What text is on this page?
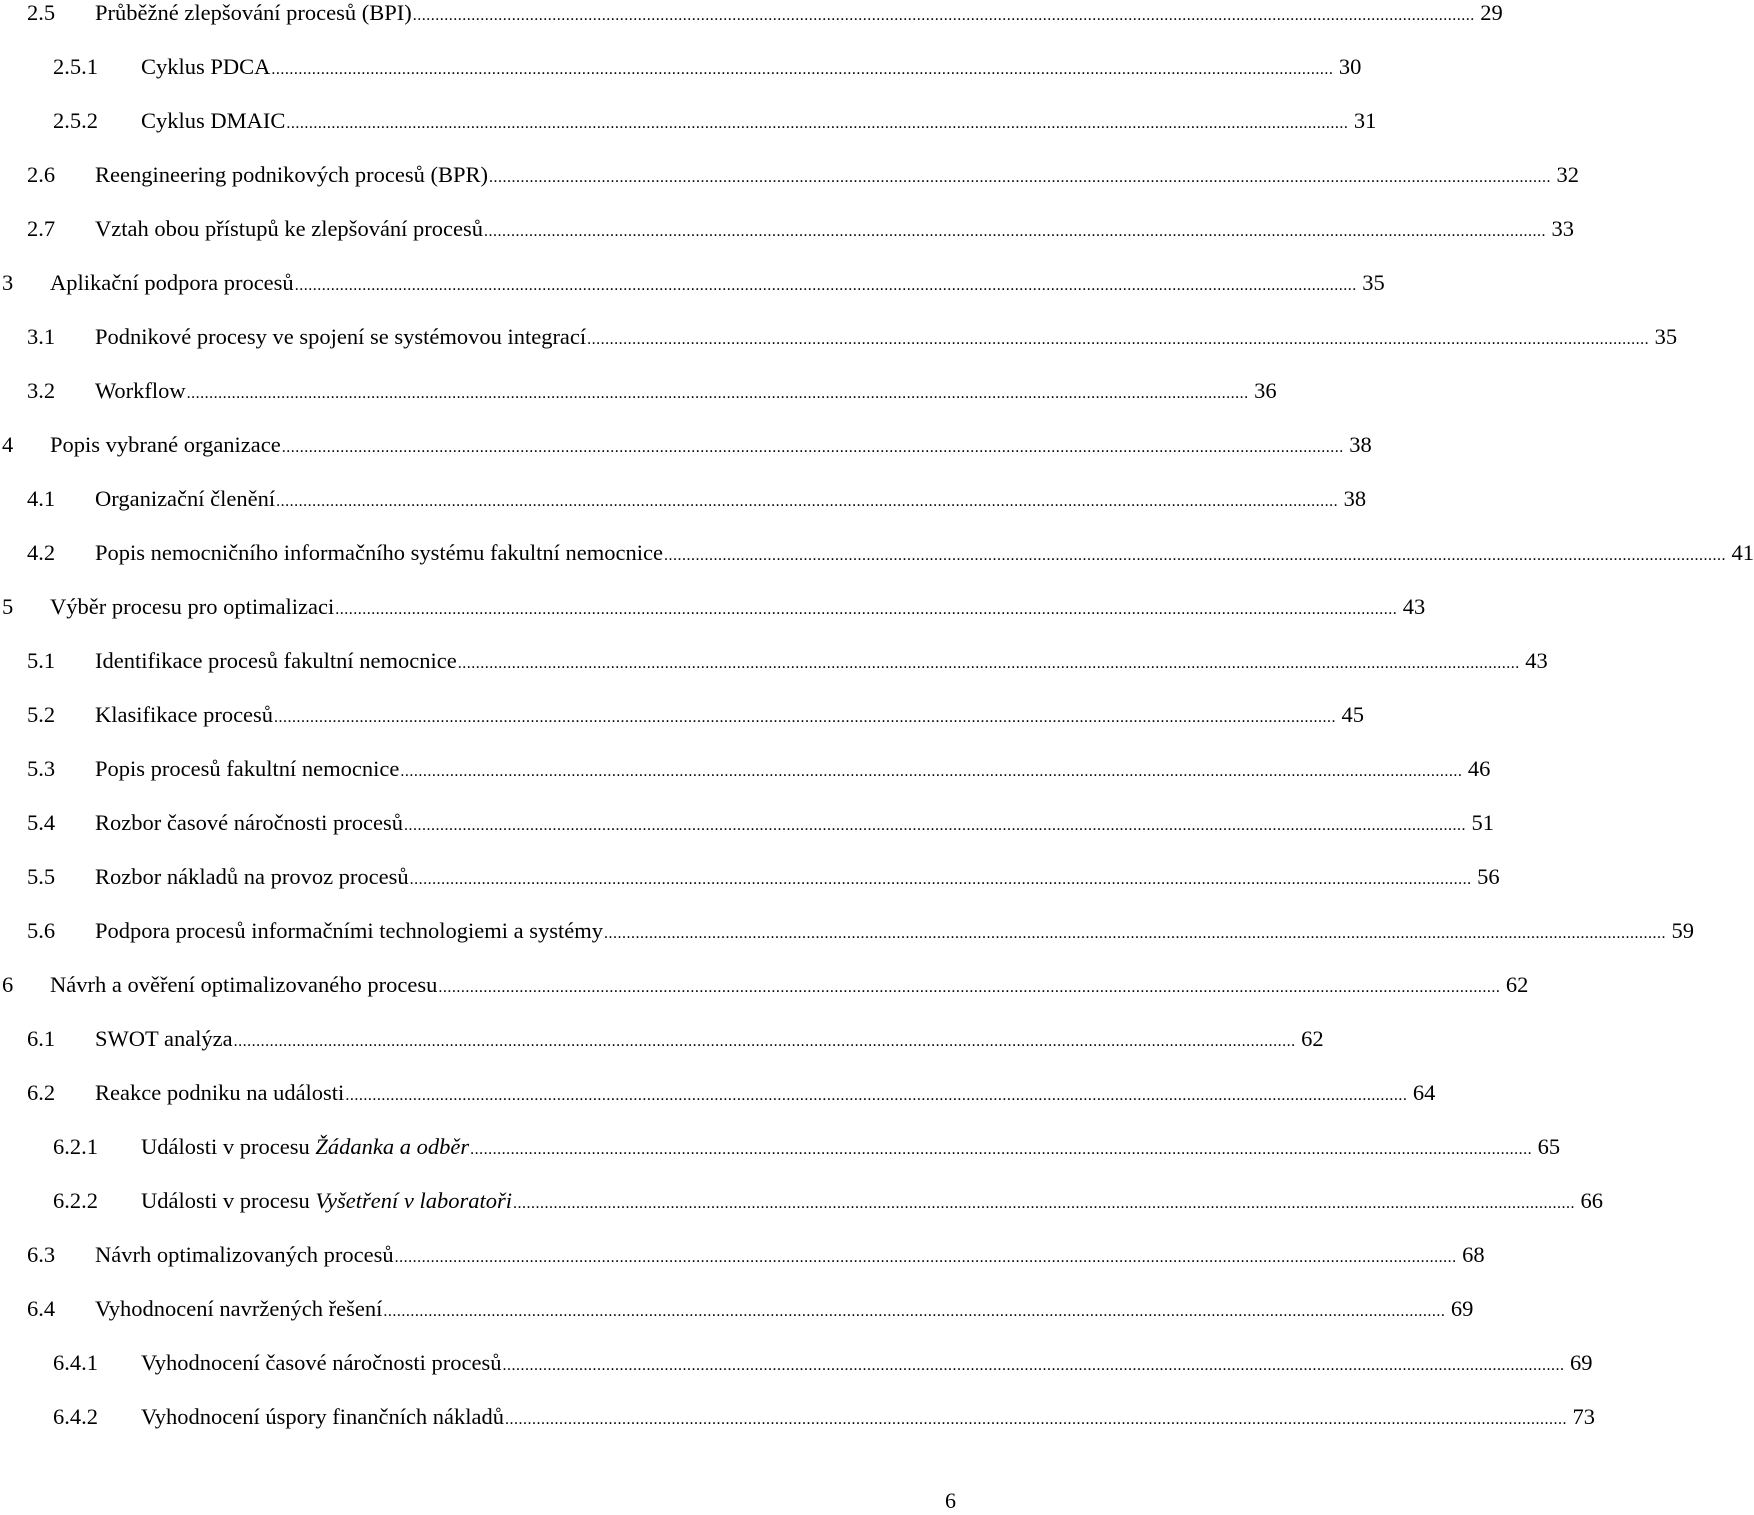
2.5	Průběžné zlepšování procesů (BPI) .....	29
2.5.1	Cyklus PDCA .....	30
2.5.2	Cyklus DMAIC .....	31
2.6	Reengineering podnikových procesů (BPR) .....	32
2.7	Vztah obou přístupů ke zlepšování procesů .....	33
3	Aplikační podpora procesů .....	35
3.1	Podnikové procesy ve spojení se systémovou integrací .....	35
3.2	Workflow .....	36
4	Popis vybrané organizace .....	38
4.1	Organizační členění .....	38
4.2	Popis nemocničního informačního systému fakultní nemocnice .....	41
5	Výběr procesu pro optimalizaci .....	43
5.1	Identifikace procesů fakultní nemocnice .....	43
5.2	Klasifikace procesů .....	45
5.3	Popis procesů fakultní nemocnice .....	46
5.4	Rozbor časové náročnosti procesů .....	51
5.5	Rozbor nákladů na provoz procesů .....	56
5.6	Podpora procesů informačními technologiemi a systémy .....	59
6	Návrh a ověření optimalizovaného procesu .....	62
6.1	SWOT analýza .....	62
6.2	Reakce podniku na události .....	64
6.2.1	Události v procesu Žádanka a odběr .....	65
6.2.2	Události v procesu Vyšetření v laboratoři .....	66
6.3	Návrh optimalizovaných procesů .....	68
6.4	Vyhodnocení navržených řešení .....	69
6.4.1	Vyhodnocení časové náročnosti procesů .....	69
6.4.2	Vyhodnocení úspory finančních nákladů .....	73
6
